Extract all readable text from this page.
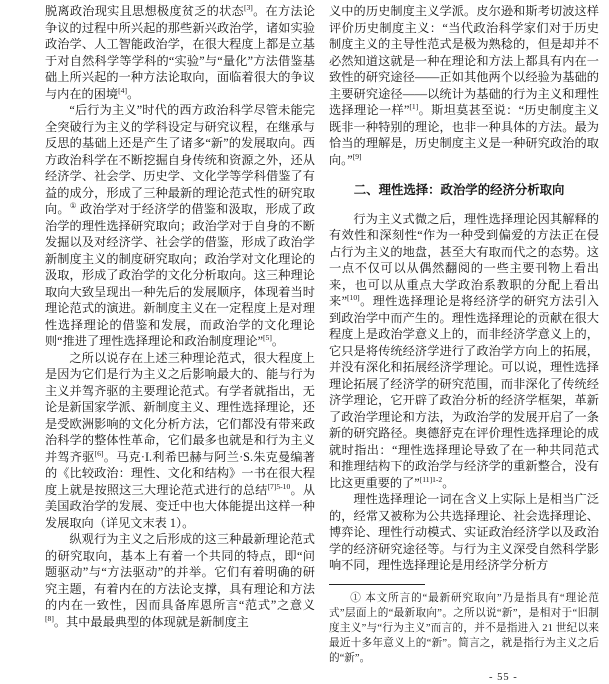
脱离政治现实且思想极度贫乏的状态[3]。在方法论争议的过程中所兴起的那些新兴政治学，诸如实验政治学、人工智能政治学，在很大程度上都是立基于对自然科学等学科的“实验”与“量化”方法借鉴基础上所兴起的一种方法论取向，面临着很大的争议与内在的困境[4]。

“后行为主义”时代的西方政治科学尽管未能完全突破行为主义的学科设定与研究议程，在继承与反思的基础上还是产生了诸多“新”的发展取向。西方政治科学在不断挖掘自身传统和资源之外，还从经济学、社会学、历史学、文化学等学科借鉴了有益的成分，形成了三种最新的理论范式性的研究取向。① 政治学对于经济学的借鉴和汲取，形成了政治学的理性选择研究取向；政治学对于自身的不断发掘以及对经济学、社会学的借鉴，形成了政治学新制度主义的制度研究取向；政治学对文化理论的汲取，形成了政治学的文化分析取向。这三种理论取向大致呈现出一种先后的发展顺序，体现着当时理论范式的演进。新制度主义在一定程度上是对理性选择理论的借鉴和发展，而政治学的文化理论则“推进了理性选择理论和政治制度理论”[5]。

之所以说存在上述三种理论范式，很大程度上是因为它们是行为主义之后影响最大的、能与行为主义并驾齐驱的主要理论范式。有学者就指出，无论是新国家学派、新制度主义、理性选择理论，还是受欧洲影响的文化分析方法，它们都没有带来政治科学的整体性革命，它们最多也就是和行为主义并驾齐驱[6]。马克·I.利希巴赫与阿兰·S.朱克曼编著的《比较政治：理性、文化和结构》一书在很大程度上就是按照这三大理论范式进行的总结$^{[7]5-10}$。从美国政治学的发展、变迁中也大体能提出这样一种发展取向（详见文末表 1）。

纵观行为主义之后形成的这三种最新理论范式的研究取向，基本上有着一个共同的特点，即“问题驱动”与“方法驱动”的并举。它们有着明确的研究主题，有着内在的方法论支撑，具有理论和方法的内在一致性，因而具备库恩所言“范式”之意义[8]。其中最最典型的体现就是新制度主

义中的历史制度主义学派。皮尔逊和斯考切波这样评价历史制度主义：“当代政治科学家们对于历史制度主义的主导性范式是极为熟稔的，但是却并不必然知道这就是一种在理论和方法上都具有内在一致性的研究途径——正如其他两个以经验为基础的主要研究途径——以统计为基础的行为主义和理性选择理论一样”[1]。斯坦莫甚至说：“历史制度主义既非一种特别的理论，也非一种具体的方法。最为恰当的理解是，历史制度主义是一种研究政治的取向。”[9]

二、理性选择：政治学的经济分析取向

行为主义式微之后，理性选择理论因其解释的有效性和深刻性“作为一种受到偏爱的方法正在侵占行为主义的地盘，甚至大有取而代之的态势。这一点不仅可以从偶然翻阅的一些主要刊物上看出来，也可以从重点大学政治系教职的分配上看出来”[10]。理性选择理论是将经济学的研究方法引入到政治学中而产生的。理性选择理论的贡献在很大程度上是政治学意义上的，而非经济学意义上的，它只是将传统经济学进行了政治学方向上的拓展，并没有深化和拓展经济学理论。可以说，理性选择理论拓展了经济学的研究范围，而非深化了传统经济学理论，它开辟了政治分析的经济学框架，革新了政治学理论和方法，为政治学的发展开启了一条新的研究路径。奥德舒克在评价理性选择理论的成就时指出：“理性选择理论导致了在一种共同范式和推理结构下的政治学与经济学的重新整合，没有比这更重要的了”$^{[11]1-2}$。

理性选择理论一词在含义上实际上是相当广泛的，经常又被称为公共选择理论、社会选择理论、博弈论、理性行动模式、实证政治经济学以及政治学的经济研究途径等。与行为主义深受自然科学影响不同，理性选择理论是用经济学分析方

① 本文所言的“最新研究取向”乃是指具有“理论范式”层面上的“最新取向”。之所以说“新”，是相对于“旧制度主义”与“行为主义”而言的，并不是指进入 21 世纪以来最近十多年意义上的“新”。简言之，就是指行为主义之后的“新”。

- 55 -
